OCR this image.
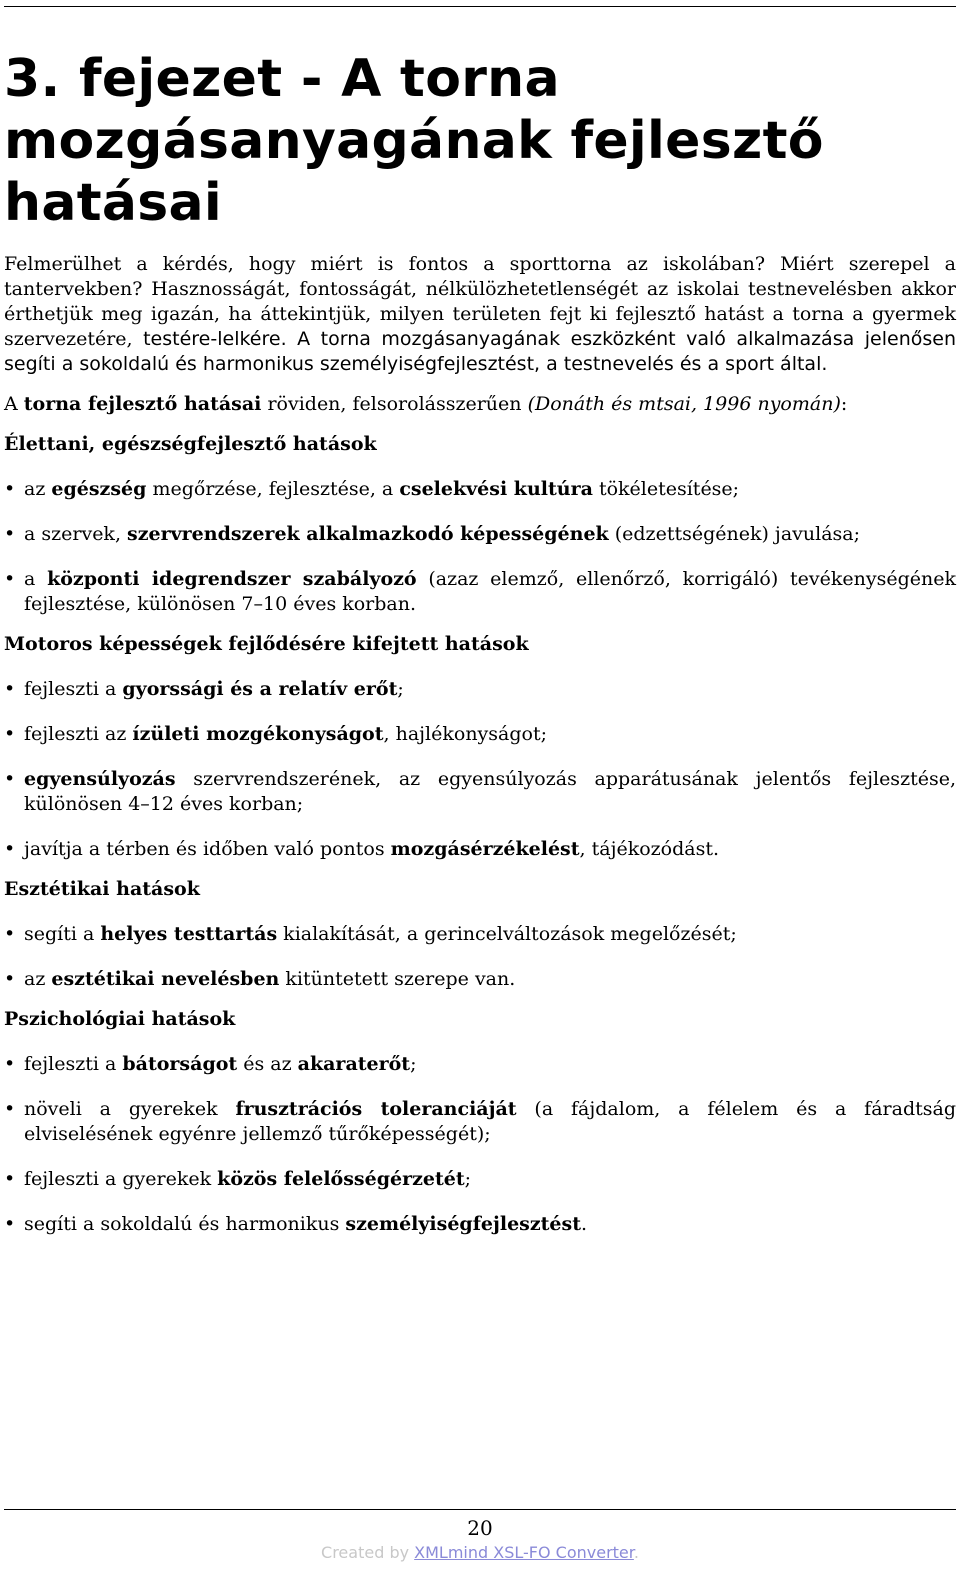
3. fejezet - A torna mozgásanyagának fejlesztő hatásai

Felmerülhet a kérdés, hogy miért is fontos a sporttorna az iskolában? Miért szerepel a tantervekben? Hasznosságát, fontosságát, nélkülözhetetlenségét az iskolai testnevelésben akkor érthetjük meg igazán, ha áttekintjük, milyen területen fejt ki fejlesztő hatást a torna a gyermek szervezetére, testére-lelkére. A torna mozgásanyagának eszközként való alkalmazása jelenősen segíti a sokoldalú és harmonikus személyiségfejlesztést, a testnevelés és a sport által.

A torna fejlesztő hatásai röviden, felsorolásszerűen (Donáth és mtsai, 1996 nyomán):

Élettani, egészségfejlesztő hatások

• az egészség megőrzése, fejlesztése, a cselekvési kultúra tökéletesítése;
• a szervek, szervrendszerek alkalmazkodó képességének (edzettségének) javulása;
• a központi idegrendszer szabályozó (azaz elemző, ellenőrző, korrigáló) tevékenységének fejlesztése, különösen 7–10 éves korban.

Motoros képességek fejlődésére kifejtett hatások

• fejleszti a gyorssági és a relatív erőt;
• fejleszti az ízületi mozgékonyságot, hajlékonyságot;
• egyensúlyozás szervrendszerének, az egyensúlyozás apparátusának jelentős fejlesztése, különösen 4–12 éves korban;
• javítja a térben és időben való pontos mozgásérzékelést, tájékozódást.

Esztétikai hatások

• segíti a helyes testtartás kialakítását, a gerincelváltozások megelőzését;
• az esztétikai nevelésben kitüntetett szerepe van.

Pszichológiai hatások

• fejleszti a bátorságot és az akaraterőt;
• növeli a gyerekek frusztrációs toleranciáját (a fájdalom, a félelem és a fáradtság elviselésének egyénre jellemző tűrőképességét);
• fejleszti a gyerekek közös felelősségérzetét;
• segíti a sokoldalú és harmonikus személyiségfejlesztést.
20
Created by XMLmind XSL-FO Converter.
